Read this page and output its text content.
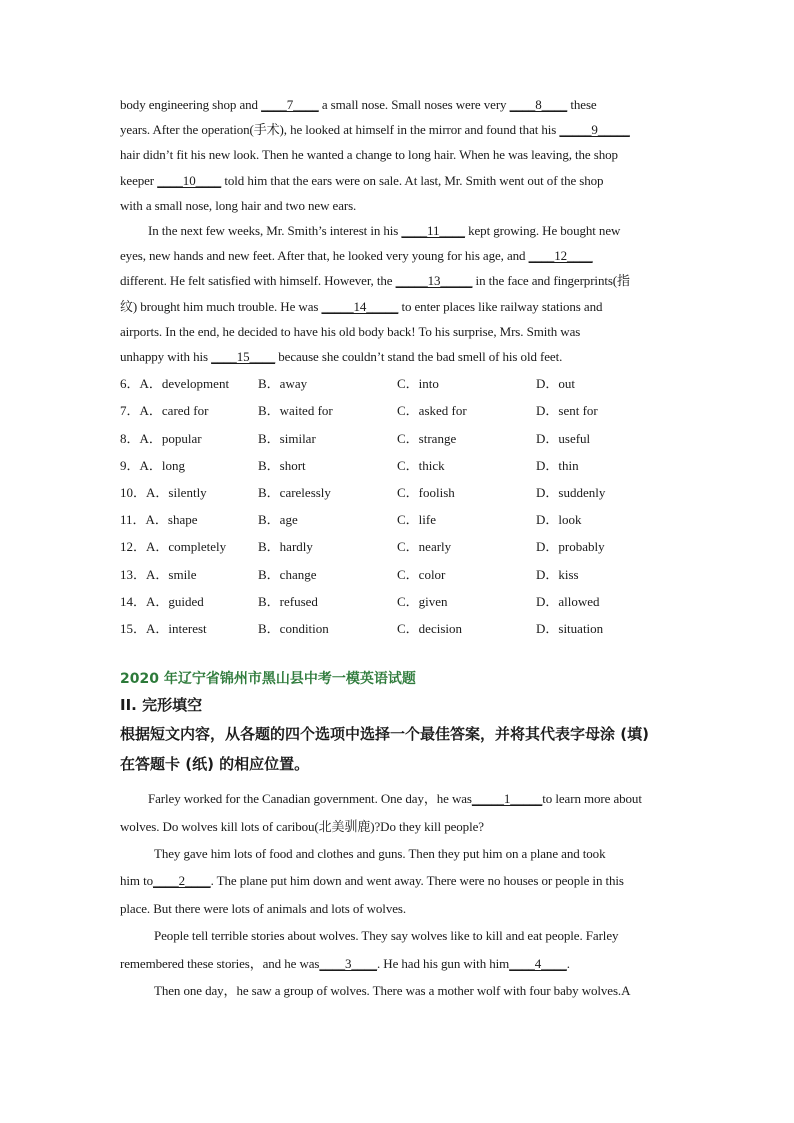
body engineering shop and ____7____ a small nose. Small noses were very ____8____ these
years. After the operation(手术), he looked at himself in the mirror and found that his _____9_____
hair didn’t fit his new look. Then he wanted a change to long hair. When he was leaving, the shop
keeper ____10____ told him that the ears were on sale. At last, Mr. Smith went out of the shop
with a small nose, long hair and two new ears.
In the next few weeks, Mr. Smith’s interest in his ____11____ kept growing. He bought new
eyes, new hands and new feet. After that, he looked very young for his age, and ____12____
different. He felt satisfied with himself. However, the _____13_____ in the face and fingerprints(指
纹) brought him much trouble. He was _____14_____ to enter places like railway stations and
airports. In the end, he decided to have his old body back! To his surprise, Mrs. Smith was
unhappy with his ____15____ because she couldn’t stand the bad smell of his old feet.
6．A．development	B．away	C．into	D．out
7．A．cared for	B．waited for	C．asked for	D．sent for
8．A．popular	B．similar	C．strange	D．useful
9．A．long	B．short	C．thick	D．thin
10．A．silently	B．carelessly	C．foolish	D．suddenly
11．A．shape	B．age	C．life	D．look
12．A．completely	B．hardly	C．nearly	D．probably
13．A．smile	B．change	C．color	D．kiss
14．A．guided	B．refused	C．given	D．allowed
15．A．interest	B．condition	C．decision	D．situation
2020 年辽宁省锦州市黑山县中考一模英语试题
II. 完形填空
根据短文内容，从各题的四个选项中选择一个最佳答案，并将其代表字母涂 (填)
在答题卡 (纸) 的相应位置。
Farley worked for the Canadian government. One day，he was_____1_____to learn more about
wolves. Do wolves kill lots of caribou(北美驯鹿)?Do they kill people?
They gave him lots of food and clothes and guns. Then they put him on a plane and took
him to____2____. The plane put him down and went away. There were no houses or people in this
place. But there were lots of animals and lots of wolves.
People tell terrible stories about wolves. They say wolves like to kill and eat people. Farley
remembered these stories，and he was____3____. He had his gun with him____4____.
Then one day，he saw a group of wolves. There was a mother wolf with four baby wolves.A
